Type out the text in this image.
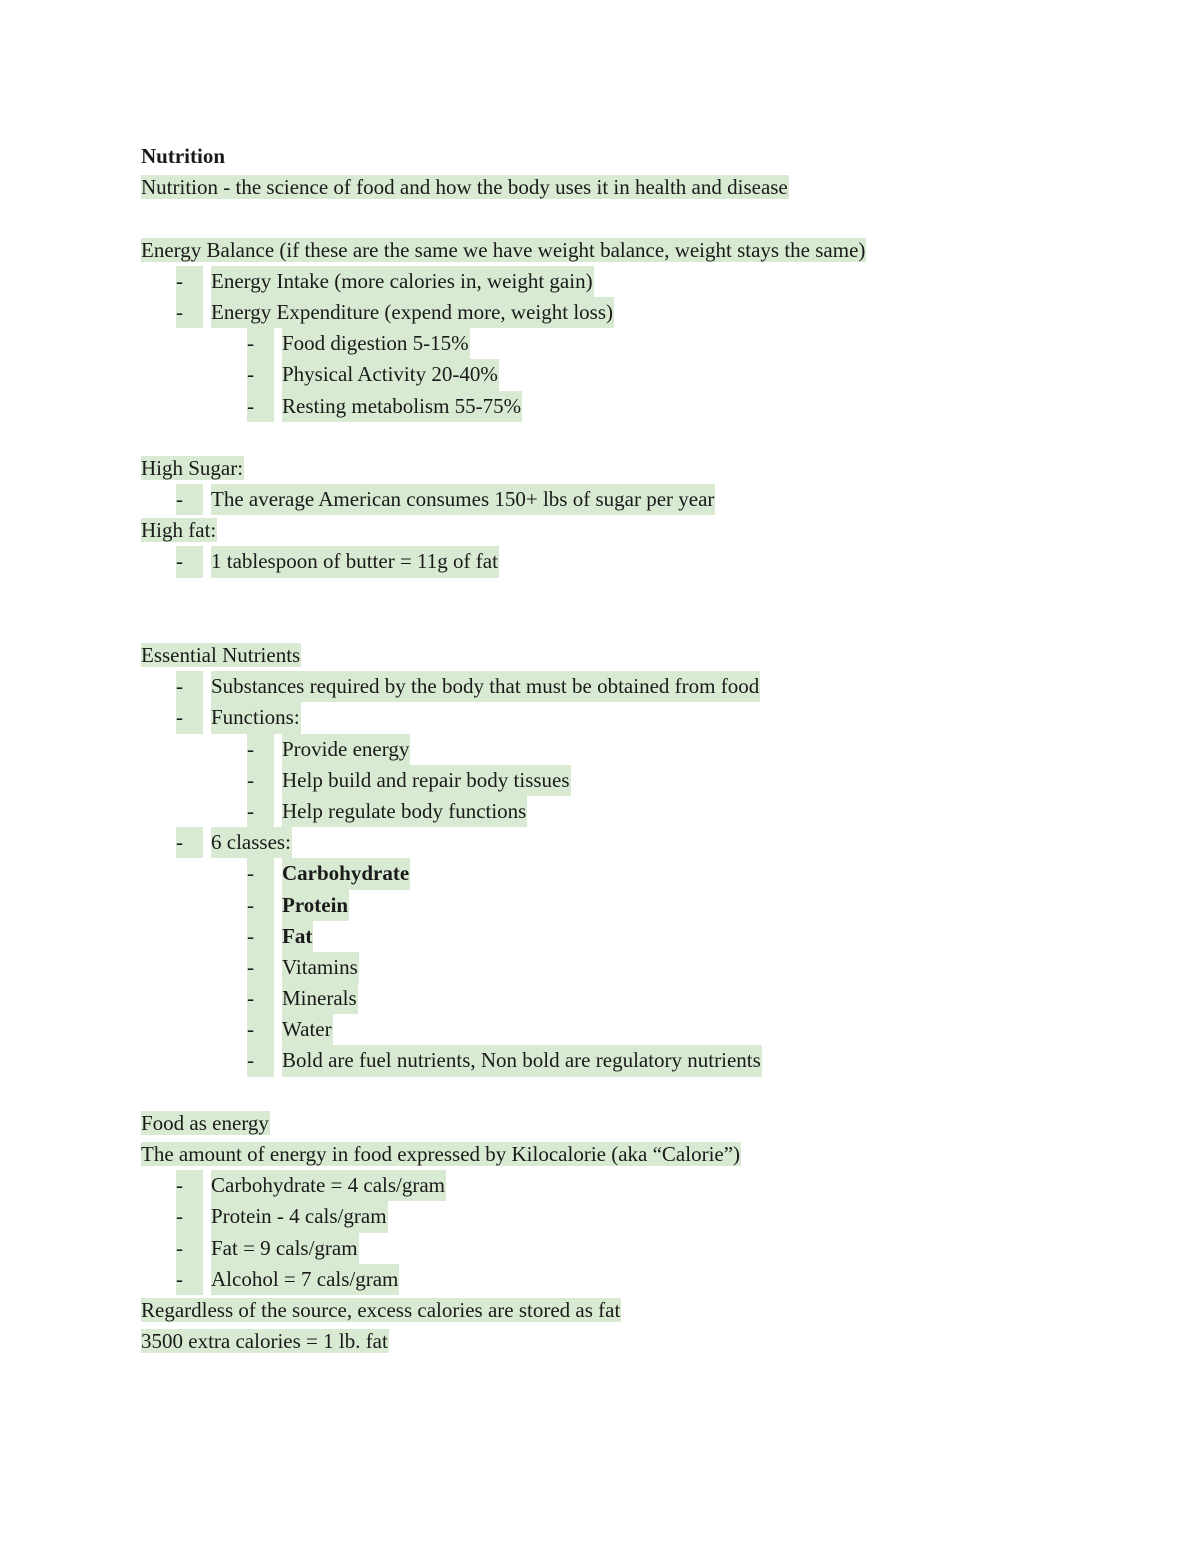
Nutrition
Nutrition - the science of food and how the body uses it in health and disease
Energy Balance (if these are the same we have weight balance, weight stays the same)
-	Energy Intake (more calories in, weight gain)
-	Energy Expenditure (expend more, weight loss)
-	Food digestion 5-15%
-	Physical Activity 20-40%
-	Resting metabolism 55-75%
High Sugar:
-	The average American consumes 150+ lbs of sugar per year
High fat:
-	1 tablespoon of butter = 11g of fat
Essential Nutrients
-	Substances required by the body that must be obtained from food
-	Functions:
-	Provide energy
-	Help build and repair body tissues
-	Help regulate body functions
-	6 classes:
-	Carbohydrate
-	Protein
-	Fat
-	Vitamins
-	Minerals
-	Water
-	Bold are fuel nutrients, Non bold are regulatory nutrients
Food as energy
The amount of energy in food expressed by Kilocalorie (aka “Calorie”)
-	Carbohydrate = 4 cals/gram
-	Protein - 4 cals/gram
-	Fat = 9 cals/gram
-	Alcohol = 7 cals/gram
Regardless of the source, excess calories are stored as fat
3500 extra calories = 1 lb. fat
